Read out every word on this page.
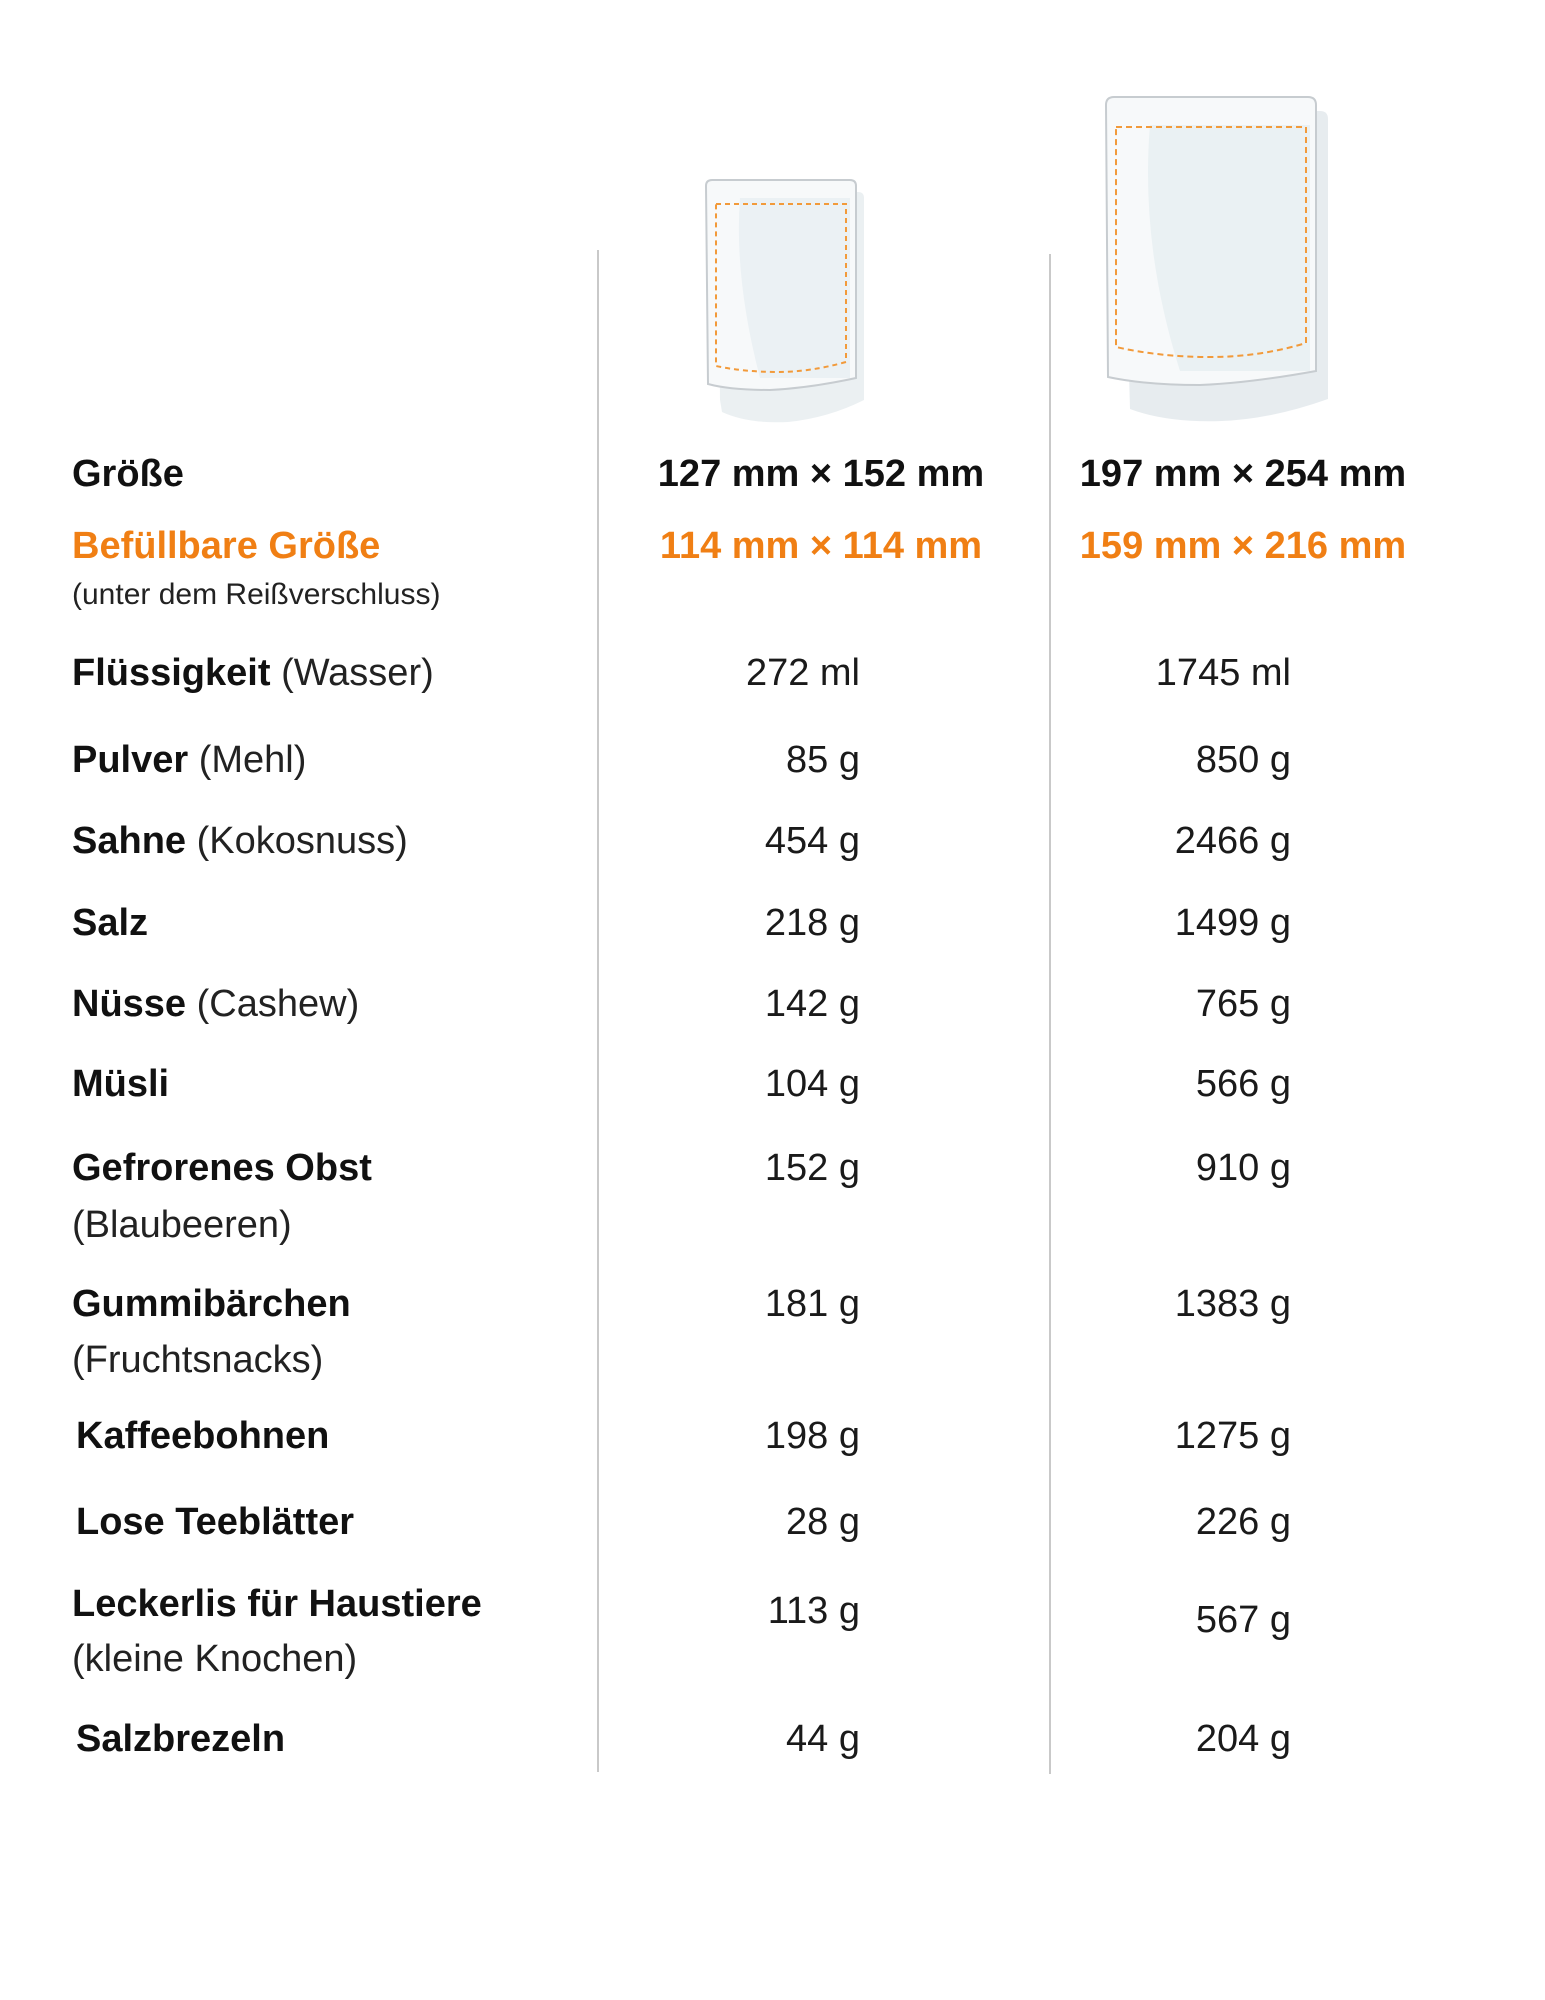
Größe	127 mm × 152 mm	197 mm × 254 mm
Befüllbare Größe	114 mm × 114 mm	159 mm × 216 mm
(unter dem Reißverschluss)
Flüssigkeit (Wasser)	272 ml	1745 ml
Pulver (Mehl)	85 g	850 g
Sahne (Kokosnuss)	454 g	2466 g
Salz	218 g	1499 g
Nüsse (Cashew)	142 g	765 g
Müsli	104 g	566 g
Gefrorenes Obst
(Blaubeeren)
152 g	910 g
Gummibärchen
(Fruchtsnacks)
181 g	1383 g
Kaffeebohnen	198 g	1275 g
Lose Teeblätter	28 g	226 g
Leckerlis für Haustiere
(kleine Knochen)
113 g	567 g
Salzbrezeln	44 g	204 g
